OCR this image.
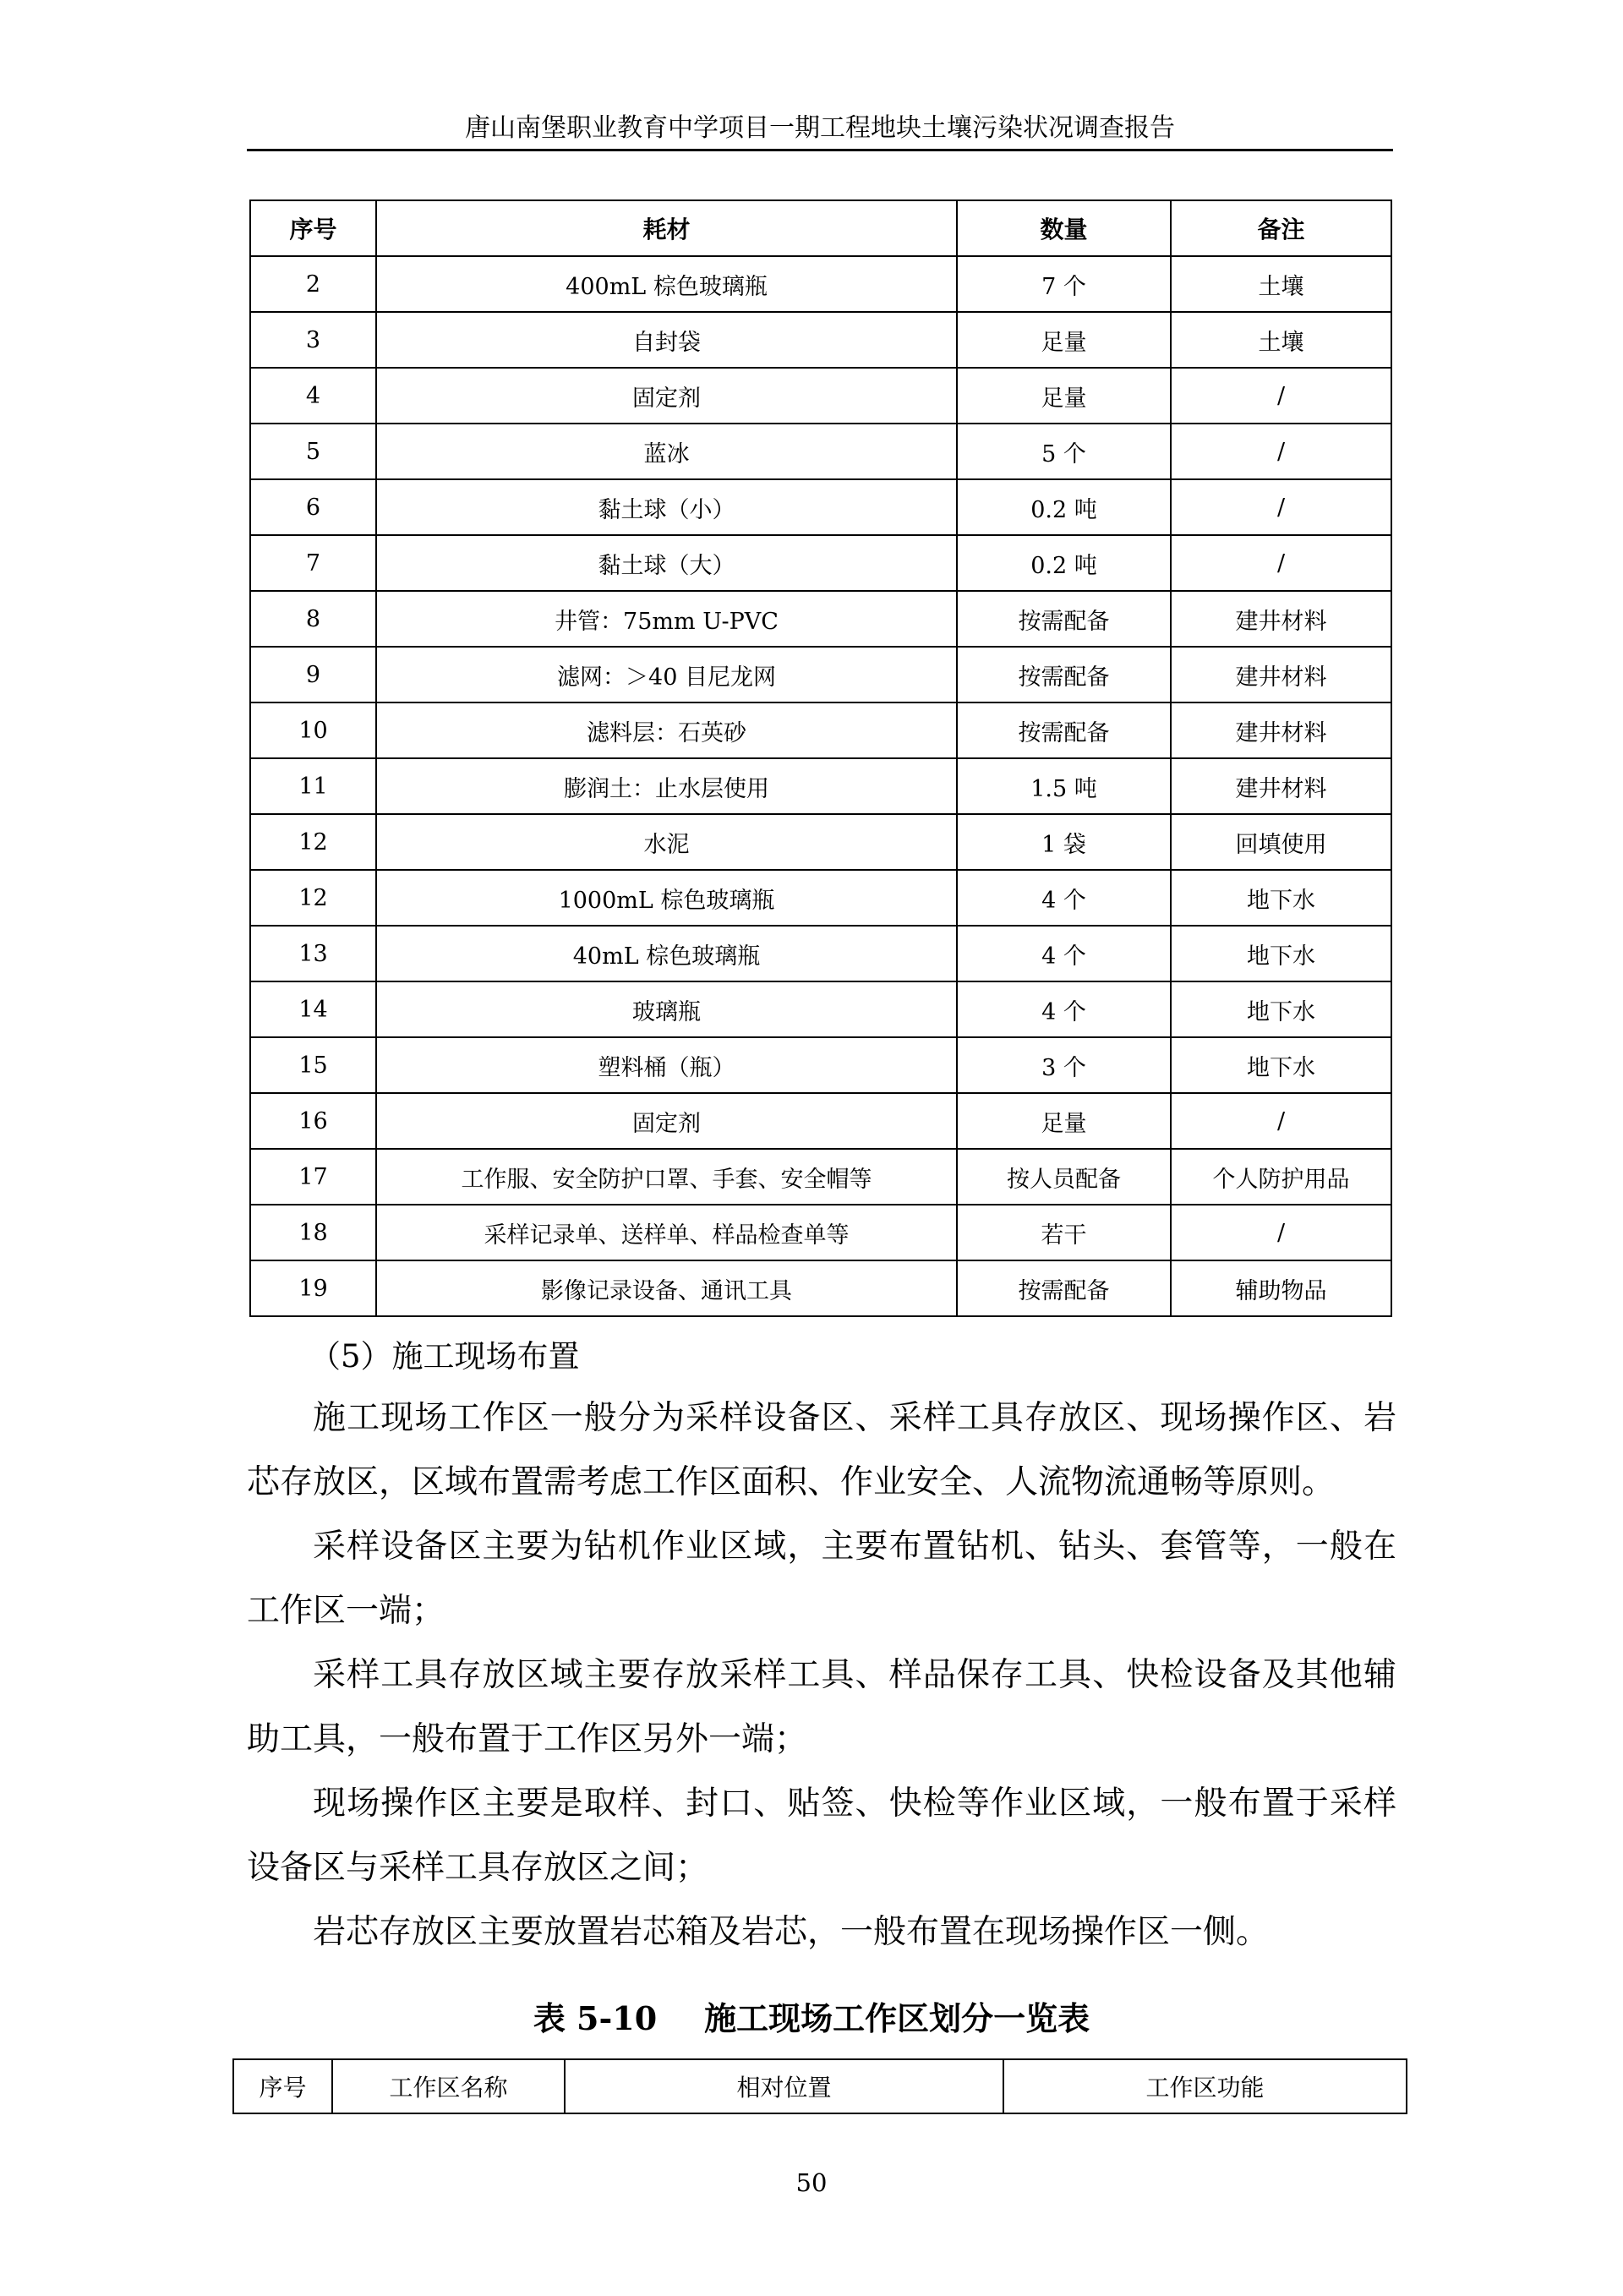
唐山南堡职业教育中学项目一期工程地块土壤污染状况调查报告
序号	耗材	数量	备注
2	400mL 棕色玻璃瓶	7 个	土壤
3	自封袋	足量	土壤
4	固定剂	足量	/
5	蓝冰	5 个	/
6	黏土球（小）	0.2 吨	/
7	黏土球（大）	0.2 吨	/
8	井管：75mm U-PVC	按需配备	建井材料
9	滤网：＞40 目尼龙网	按需配备	建井材料
10	滤料层：石英砂	按需配备	建井材料
11	膨润土：止水层使用	1.5 吨	建井材料
12	水泥	1 袋	回填使用
12	1000mL 棕色玻璃瓶	4 个	地下水
13	40mL 棕色玻璃瓶	4 个	地下水
14	玻璃瓶	4 个	地下水
15	塑料桶（瓶）	3 个	地下水
16	固定剂	足量	/
17	工作服、安全防护口罩、手套、安全帽等	按人员配备	个人防护用品
18	采样记录单、送样单、样品检查单等	若干	/
19	影像记录设备、通讯工具	按需配备	辅助物品
（5）施工现场布置

施工现场工作区一般分为采样设备区、采样工具存放区、现场操作区、岩芯存放区，区域布置需考虑工作区面积、作业安全、人流物流通畅等原则。

采样设备区主要为钻机作业区域，主要布置钻机、钻头、套管等，一般在工作区一端；

采样工具存放区域主要存放采样工具、样品保存工具、快检设备及其他辅助工具，一般布置于工作区另外一端；

现场操作区主要是取样、封口、贴签、快检等作业区域，一般布置于采样设备区与采样工具存放区之间；

岩芯存放区主要放置岩芯箱及岩芯，一般布置在现场操作区一侧。

表 5-10 施工现场工作区划分一览表
序号	工作区名称	相对位置	工作区功能
50
